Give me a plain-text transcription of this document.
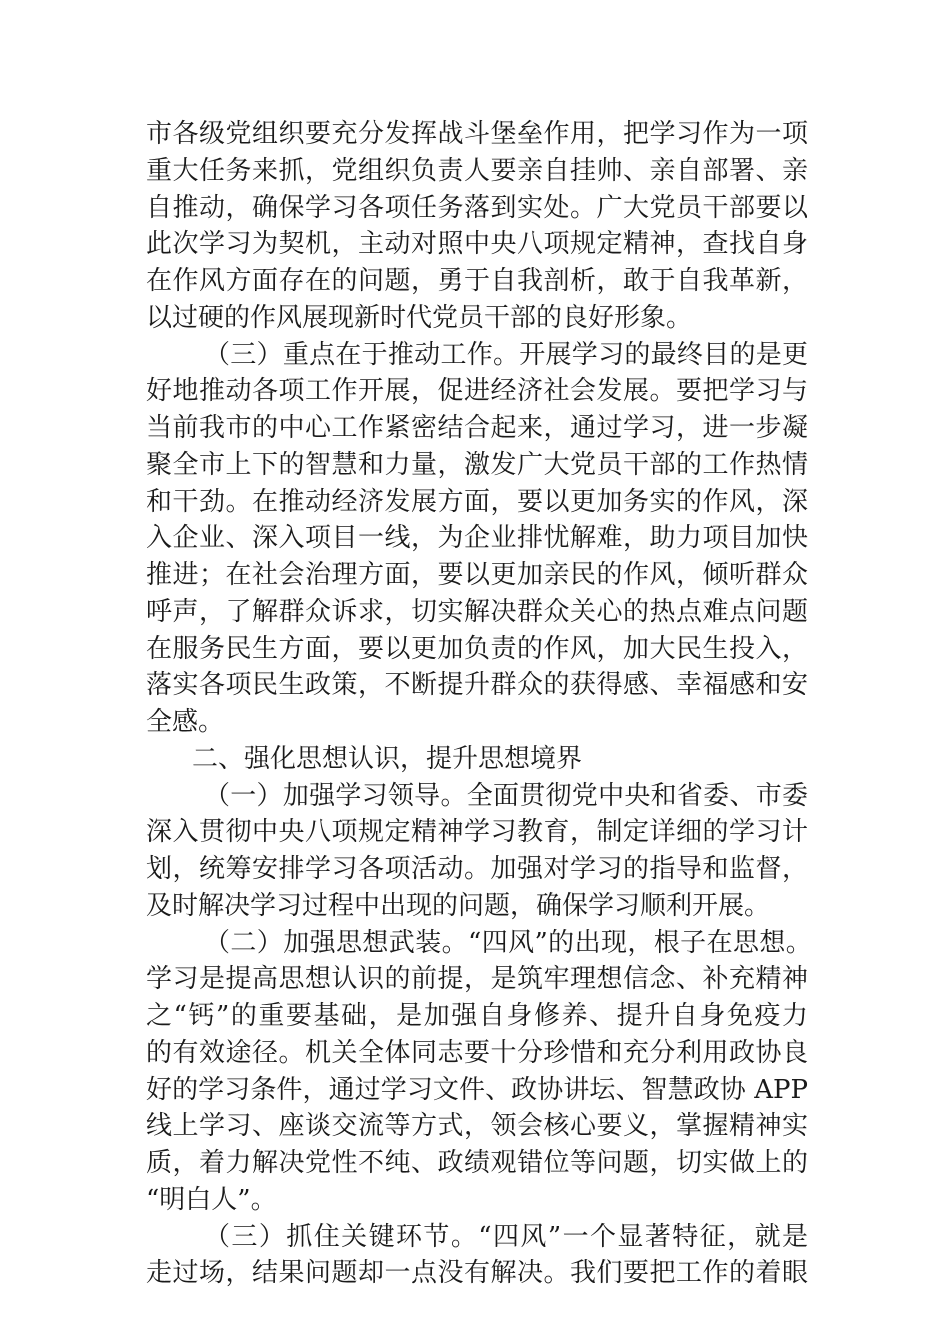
市各级党组织要充分发挥战斗堡垒作用，把学习作为一项
重大任务来抓，党组织负责人要亲自挂帅、亲自部署、亲
自推动，确保学习各项任务落到实处。广大党员干部要以
此次学习为契机，主动对照中央八项规定精神，查找自身
在作风方面存在的问题，勇于自我剖析，敢于自我革新，
以过硬的作风展现新时代党员干部的良好形象。
（三）重点在于推动工作。开展学习的最终目的是更
好地推动各项工作开展，促进经济社会发展。要把学习与
当前我市的中心工作紧密结合起来，通过学习，进一步凝
聚全市上下的智慧和力量，激发广大党员干部的工作热情
和干劲。在推动经济发展方面，要以更加务实的作风，深
入企业、深入项目一线，为企业排忧解难，助力项目加快
推进；在社会治理方面，要以更加亲民的作风，倾听群众
呼声，了解群众诉求，切实解决群众关心的热点难点问题
在服务民生方面，要以更加负责的作风，加大民生投入，
落实各项民生政策，不断提升群众的获得感、幸福感和安
全感。
二、强化思想认识，提升思想境界
（一）加强学习领导。全面贯彻党中央和省委、市委
深入贯彻中央八项规定精神学习教育，制定详细的学习计
划，统筹安排学习各项活动。加强对学习的指导和监督，
及时解决学习过程中出现的问题，确保学习顺利开展。
（二）加强思想武装。“四风”的出现，根子在思想。
学习是提高思想认识的前提，是筑牢理想信念、补充精神
之“钙”的重要基础，是加强自身修养、提升自身免疫力
的有效途径。机关全体同志要十分珍惜和充分利用政协良
好的学习条件，通过学习文件、政协讲坛、智慧政协 APP
线上学习、座谈交流等方式，领会核心要义，掌握精神实
质，着力解决党性不纯、政绩观错位等问题，切实做上的
“明白人”。
（三）抓住关键环节。“四风”一个显著特征，就是
走过场，结果问题却一点没有解决。我们要把工作的着眼
